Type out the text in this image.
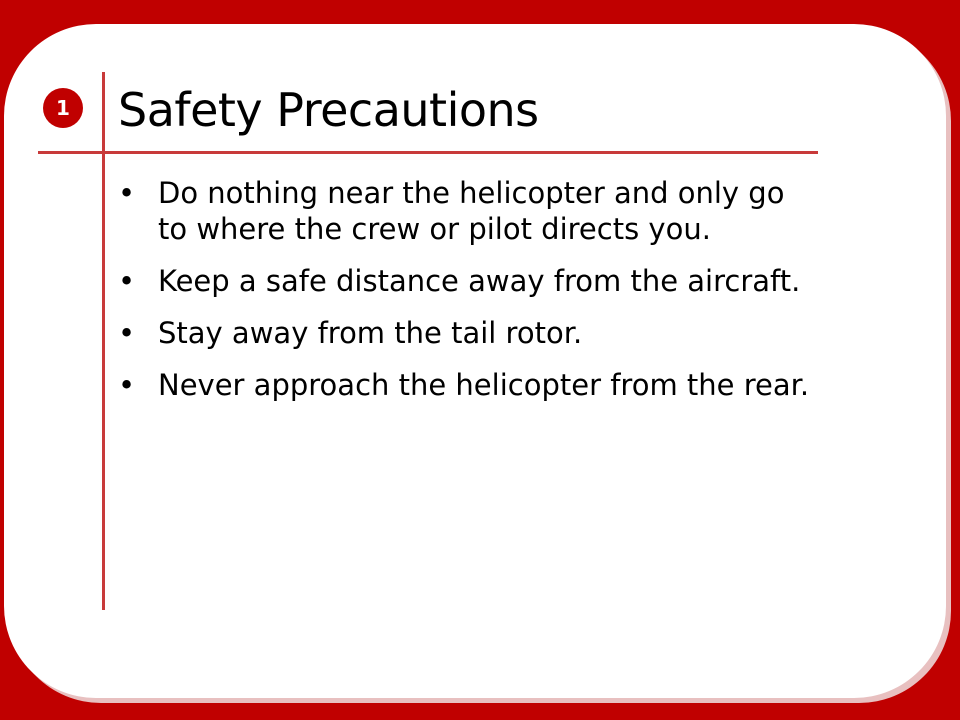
1 Safety Precautions
• Do nothing near the helicopter and only go to where the crew or pilot directs you.
• Keep a safe distance away from the aircraft.
• Stay away from the tail rotor.
• Never approach the helicopter from the rear.
